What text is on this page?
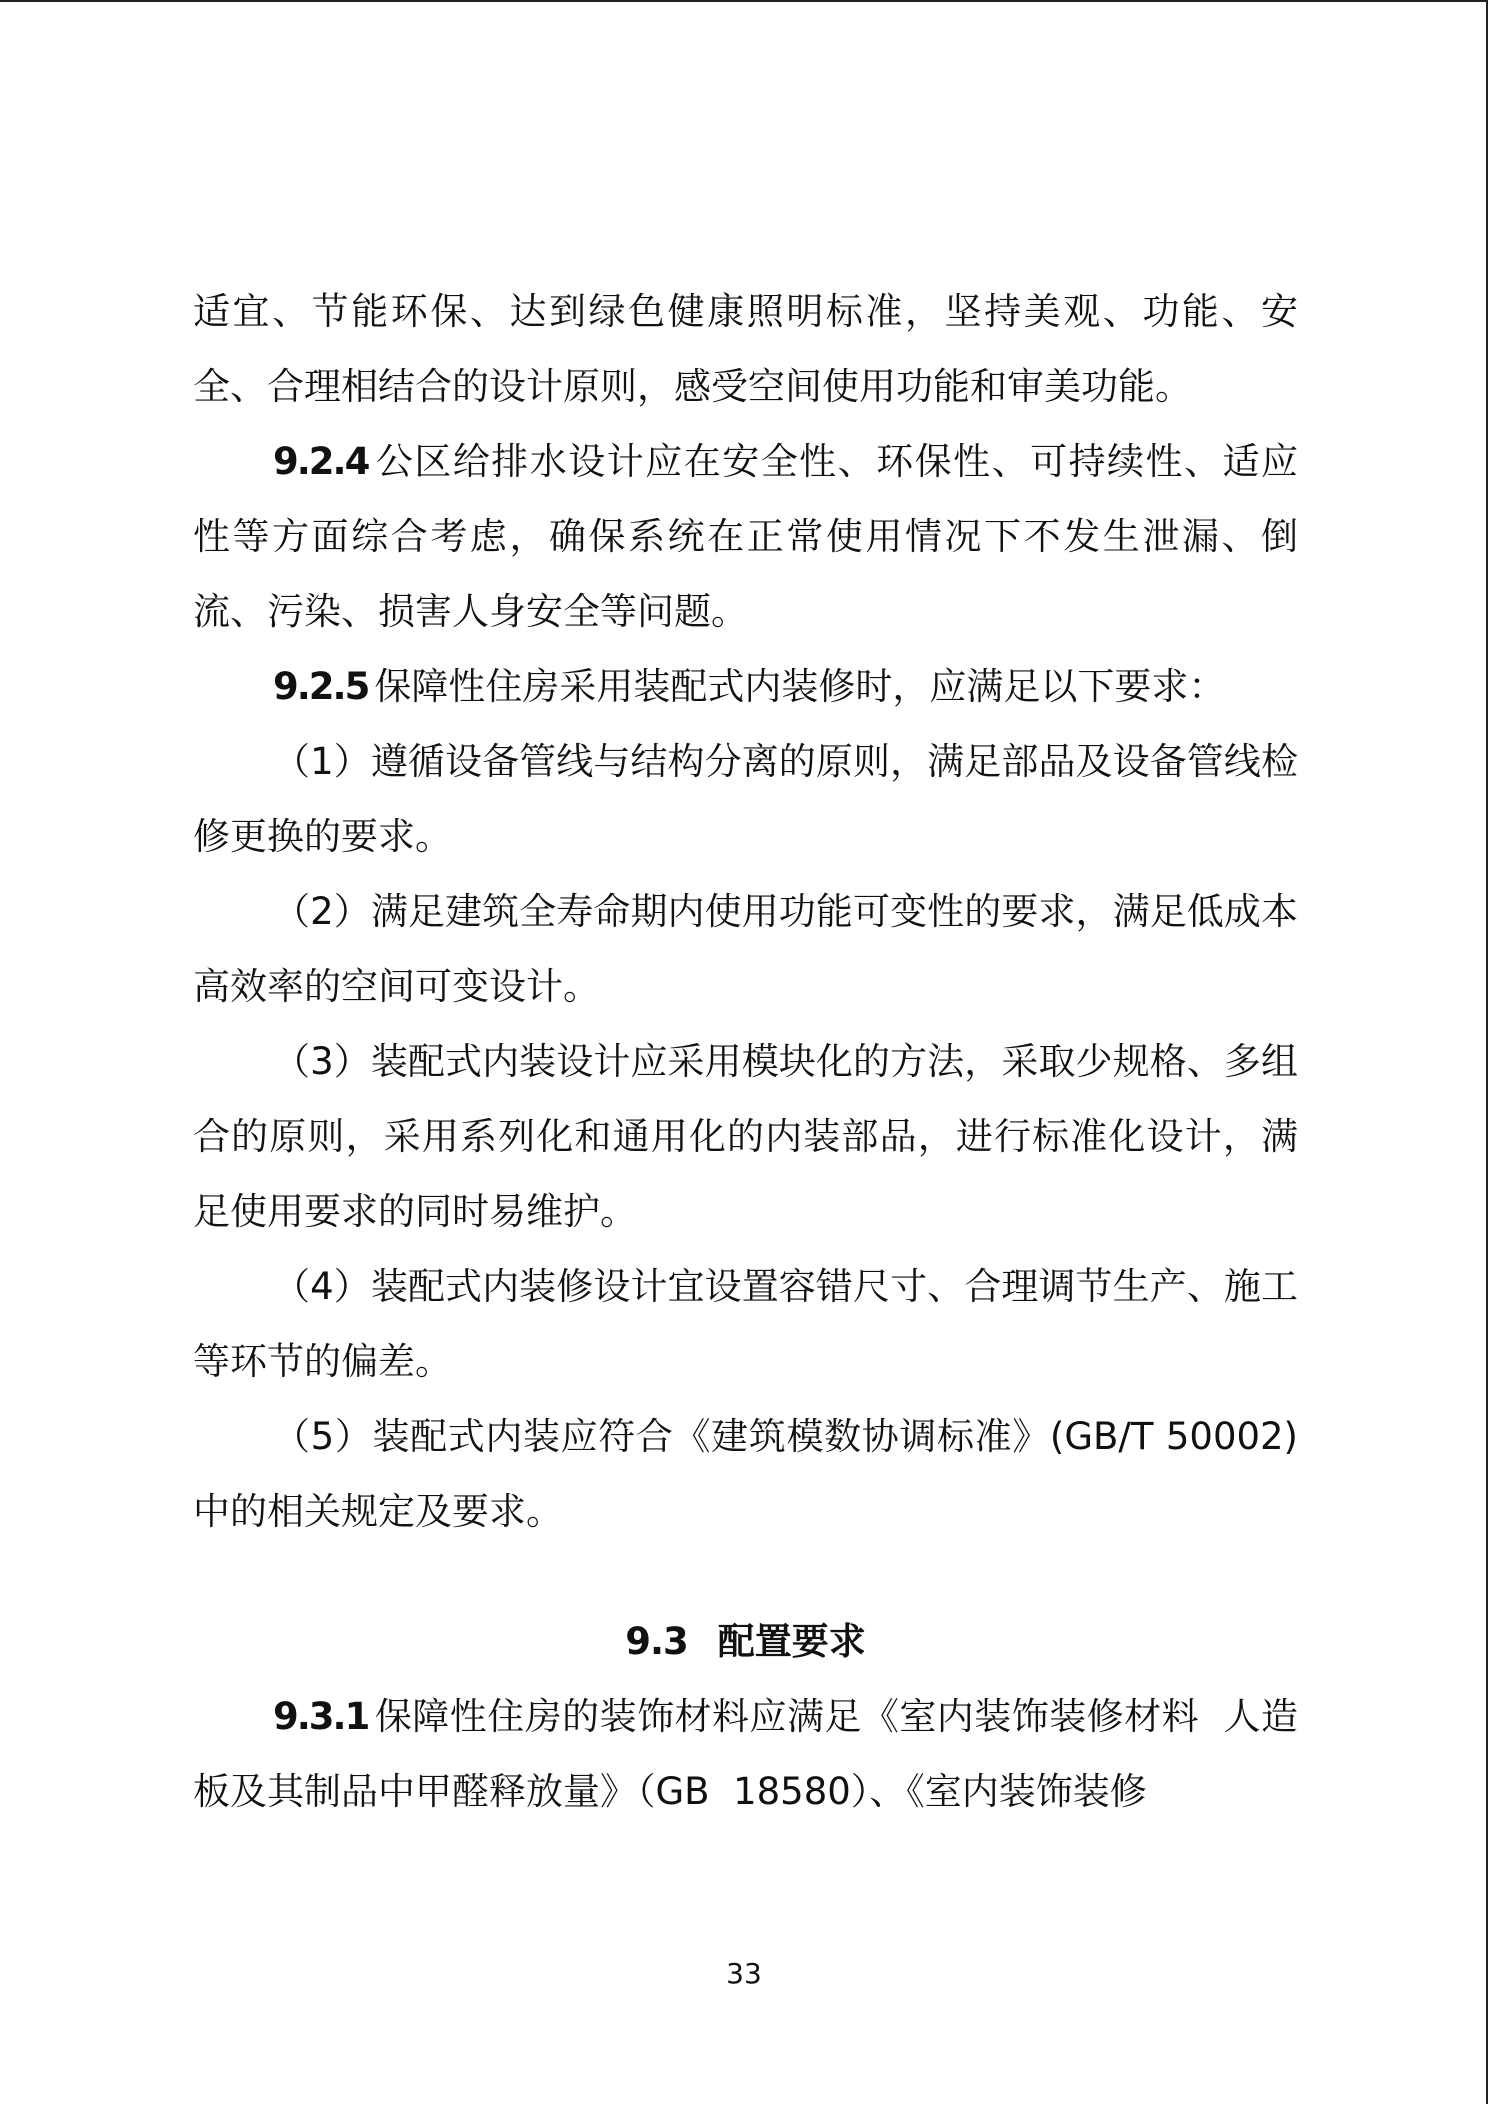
适宜、节能环保、达到绿色健康照明标准，坚持美观、功能、安全、合理相结合的设计原则，感受空间使用功能和审美功能。

9.2.4 公区给排水设计应在安全性、环保性、可持续性、适应性等方面综合考虑，确保系统在正常使用情况下不发生泄漏、倒流、污染、损害人身安全等问题。

9.2.5 保障性住房采用装配式内装修时，应满足以下要求：

（1）遵循设备管线与结构分离的原则，满足部品及设备管线检修更换的要求。

（2）满足建筑全寿命期内使用功能可变性的要求，满足低成本高效率的空间可变设计。

（3）装配式内装设计应采用模块化的方法，采取少规格、多组合的原则，采用系列化和通用化的内装部品，进行标准化设计，满足使用要求的同时易维护。

（4）装配式内装修设计宜设置容错尺寸、合理调节生产、施工等环节的偏差。

（5）装配式内装应符合《建筑模数协调标准》(GB/T 50002)中的相关规定及要求。

9.3 配置要求

9.3.1 保障性住房的装饰材料应满足《室内装饰装修材料  人造板及其制品中甲醛释放量》（GB  18580）、《室内装饰装修

33
